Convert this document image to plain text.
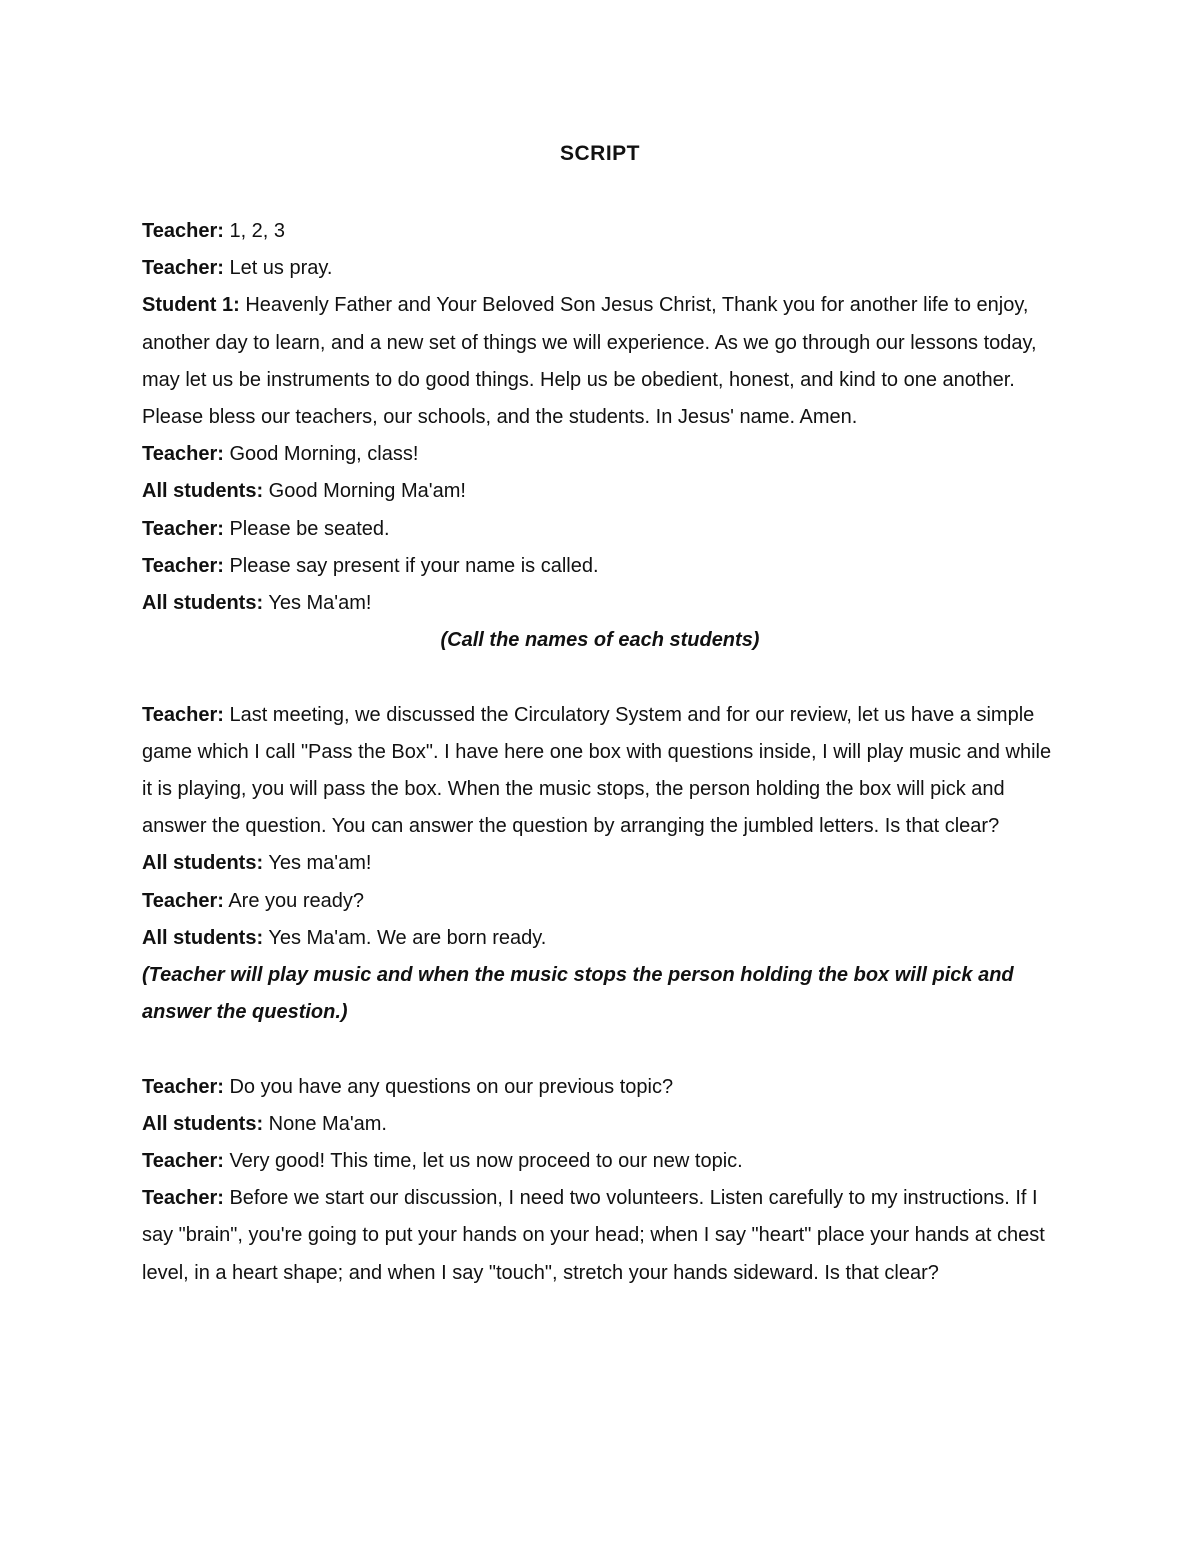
SCRIPT

Teacher: 1, 2, 3

Teacher: Let us pray.

Student 1: Heavenly Father and Your Beloved Son Jesus Christ, Thank you for another life to enjoy, another day to learn, and a new set of things we will experience. As we go through our lessons today, may let us be instruments to do good things. Help us be obedient, honest, and kind to one another. Please bless our teachers, our schools, and the students. In Jesus' name. Amen.

Teacher: Good Morning, class!

All students: Good Morning Ma'am!

Teacher: Please be seated.

Teacher: Please say present if your name is called.

All students: Yes Ma'am!

(Call the names of each students)

Teacher: Last meeting, we discussed the Circulatory System and for our review, let us have a simple game which I call "Pass the Box". I have here one box with questions inside, I will play music and while it is playing, you will pass the box. When the music stops, the person holding the box will pick and answer the question. You can answer the question by arranging the jumbled letters. Is that clear?

All students: Yes ma'am!

Teacher: Are you ready?

All students: Yes Ma'am. We are born ready.

(Teacher will play music and when the music stops the person holding the box will pick and answer the question.)

Teacher: Do you have any questions on our previous topic?

All students: None Ma'am.

Teacher: Very good! This time, let us now proceed to our new topic.

Teacher: Before we start our discussion, I need two volunteers. Listen carefully to my instructions. If I say "brain", you're going to put your hands on your head; when I say "heart" place your hands at chest level, in a heart shape; and when I say "touch", stretch your hands sideward. Is that clear?
